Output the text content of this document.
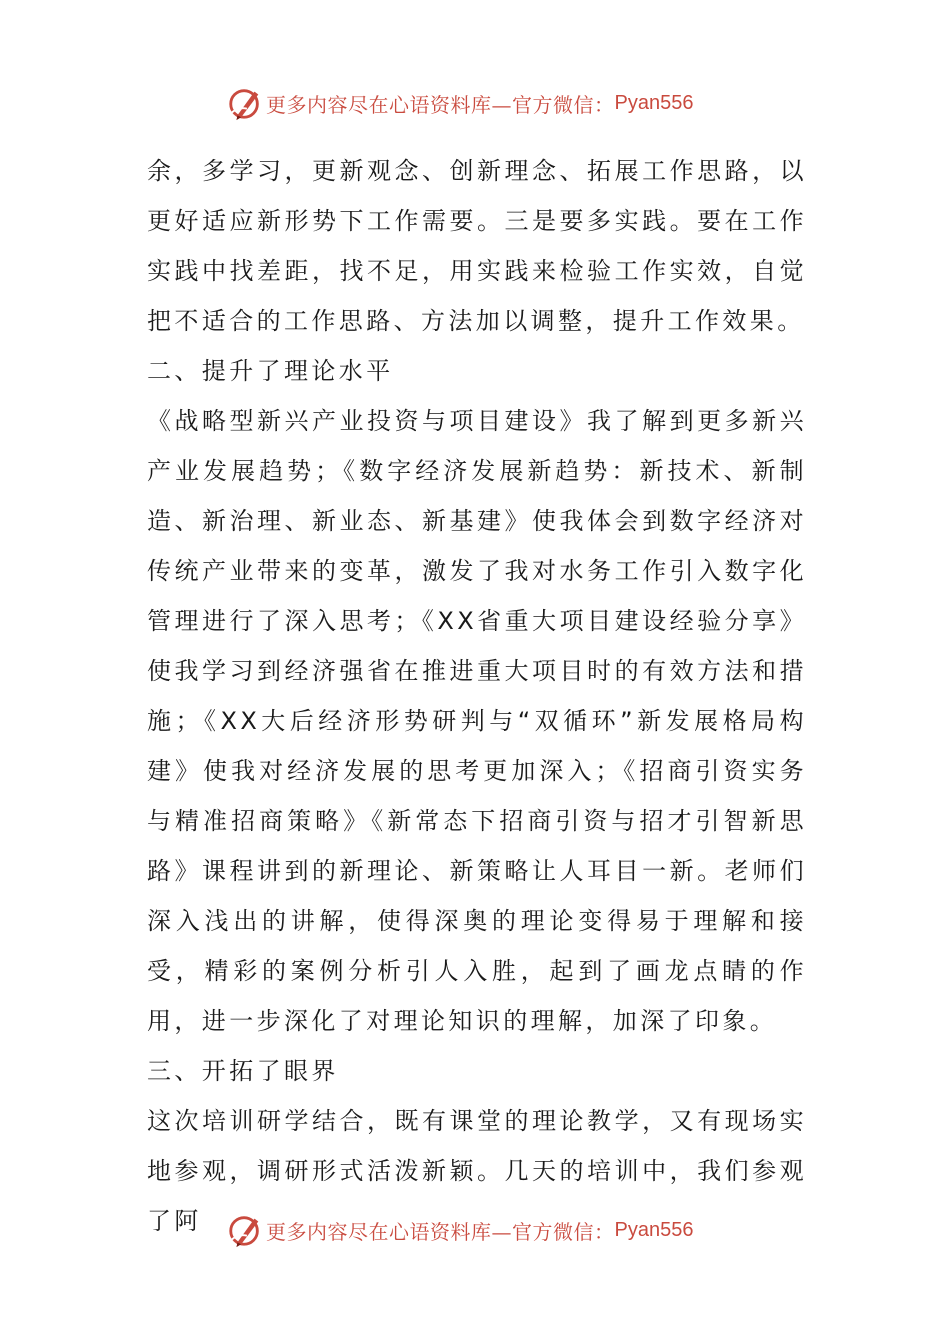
更多内容尽在心语资料库—官方微信： Pyan556

余，多学习，更新观念、创新理念、拓展工作思路，以更好适应新形势下工作需要。三是要多实践。要在工作实践中找差距，找不足，用实践来检验工作实效，自觉把不适合的工作思路、方法加以调整，提升工作效果。

二、提升了理论水平

《战略型新兴产业投资与项目建设》我了解到更多新兴产业发展趋势；《数字经济发展新趋势：新技术、新制造、新治理、新业态、新基建》使我体会到数字经济对传统产业带来的变革，激发了我对水务工作引入数字化管理进行了深入思考；《XX省重大项目建设经验分享》使我学习到经济强省在推进重大项目时的有效方法和措施；《XX大后经济形势研判与“双循环”新发展格局构建》使我对经济发展的思考更加深入；《招商引资实务与精准招商策略》《新常态下招商引资与招才引智新思路》课程讲到的新理论、新策略让人耳目一新。老师们深入浅出的讲解，使得深奥的理论变得易于理解和接受，精彩的案例分析引人入胜，起到了画龙点睛的作用，进一步深化了对理论知识的理解，加深了印象。

三、开拓了眼界

这次培训研学结合，既有课堂的理论教学，又有现场实地参观，调研形式活泼新颖。几天的培训中，我们参观了阿	更多内容尽在心语资料库—官方微信： Pyan556
